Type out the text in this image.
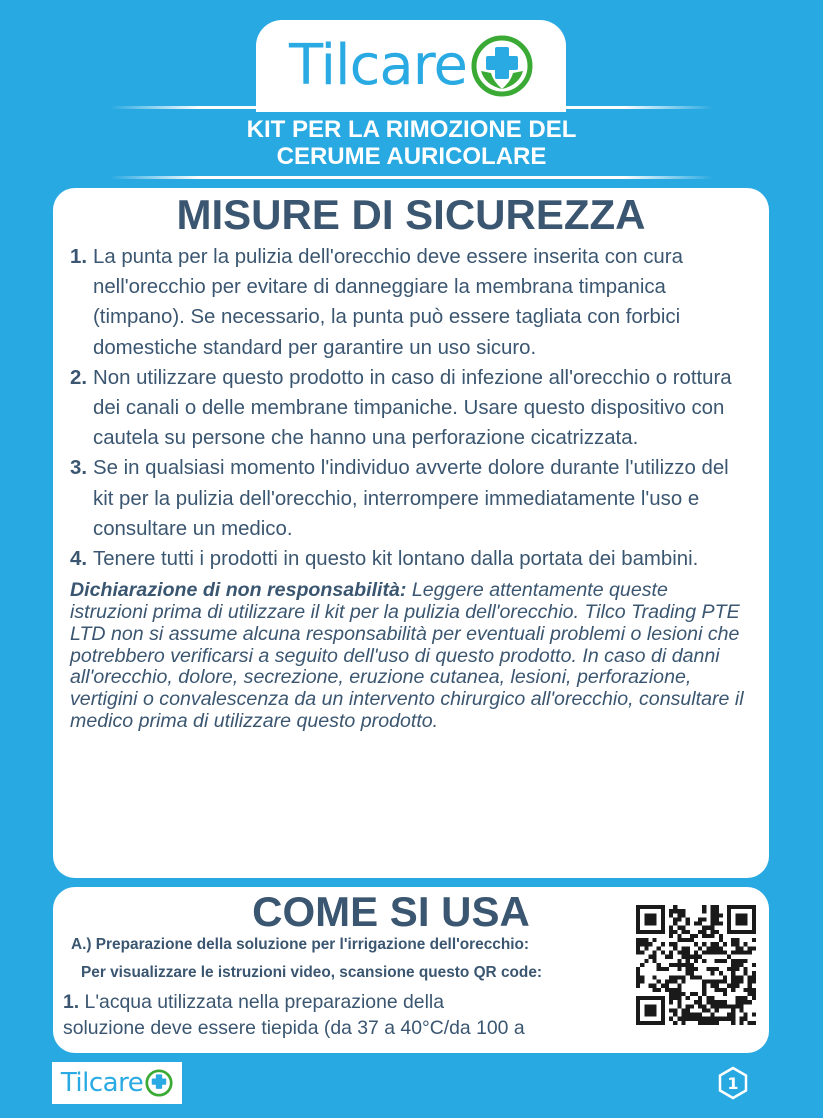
Tilcare
KIT PER LA RIMOZIONE DEL
CERUME AURICOLARE
MISURE DI SICUREZZA
1. La punta per la pulizia dell'orecchio deve essere inserita con cura nell'orecchio per evitare di danneggiare la membrana timpanica (timpano). Se necessario, la punta può essere tagliata con forbici domestiche standard per garantire un uso sicuro.
2. Non utilizzare questo prodotto in caso di infezione all'orecchio o rottura dei canali o delle membrane timpaniche. Usare questo dispositivo con cautela su persone che hanno una perforazione cicatrizzata.
3. Se in qualsiasi momento l'individuo avverte dolore durante l'utilizzo del kit per la pulizia dell'orecchio, interrompere immediatamente l'uso e consultare un medico.
4. Tenere tutti i prodotti in questo kit lontano dalla portata dei bambini.

Dichiarazione di non responsabilità: Leggere attentamente queste istruzioni prima di utilizzare il kit per la pulizia dell'orecchio. Tilco Trading PTE LTD non si assume alcuna responsabilità per eventuali problemi o lesioni che potrebbero verificarsi a seguito dell'uso di questo prodotto. In caso di danni all'orecchio, dolore, secrezione, eruzione cutanea, lesioni, perforazione, vertigini o convalescenza da un intervento chirurgico all'orecchio, consultare il medico prima di utilizzare questo prodotto.

COME SI USA
A.) Preparazione della soluzione per l'irrigazione dell'orecchio:
Per visualizzare le istruzioni video, scansione questo QR code:
1. L'acqua utilizzata nella preparazione della
soluzione deve essere tiepida (da 37 a 40°C/da 100 a
Tilcare	1
